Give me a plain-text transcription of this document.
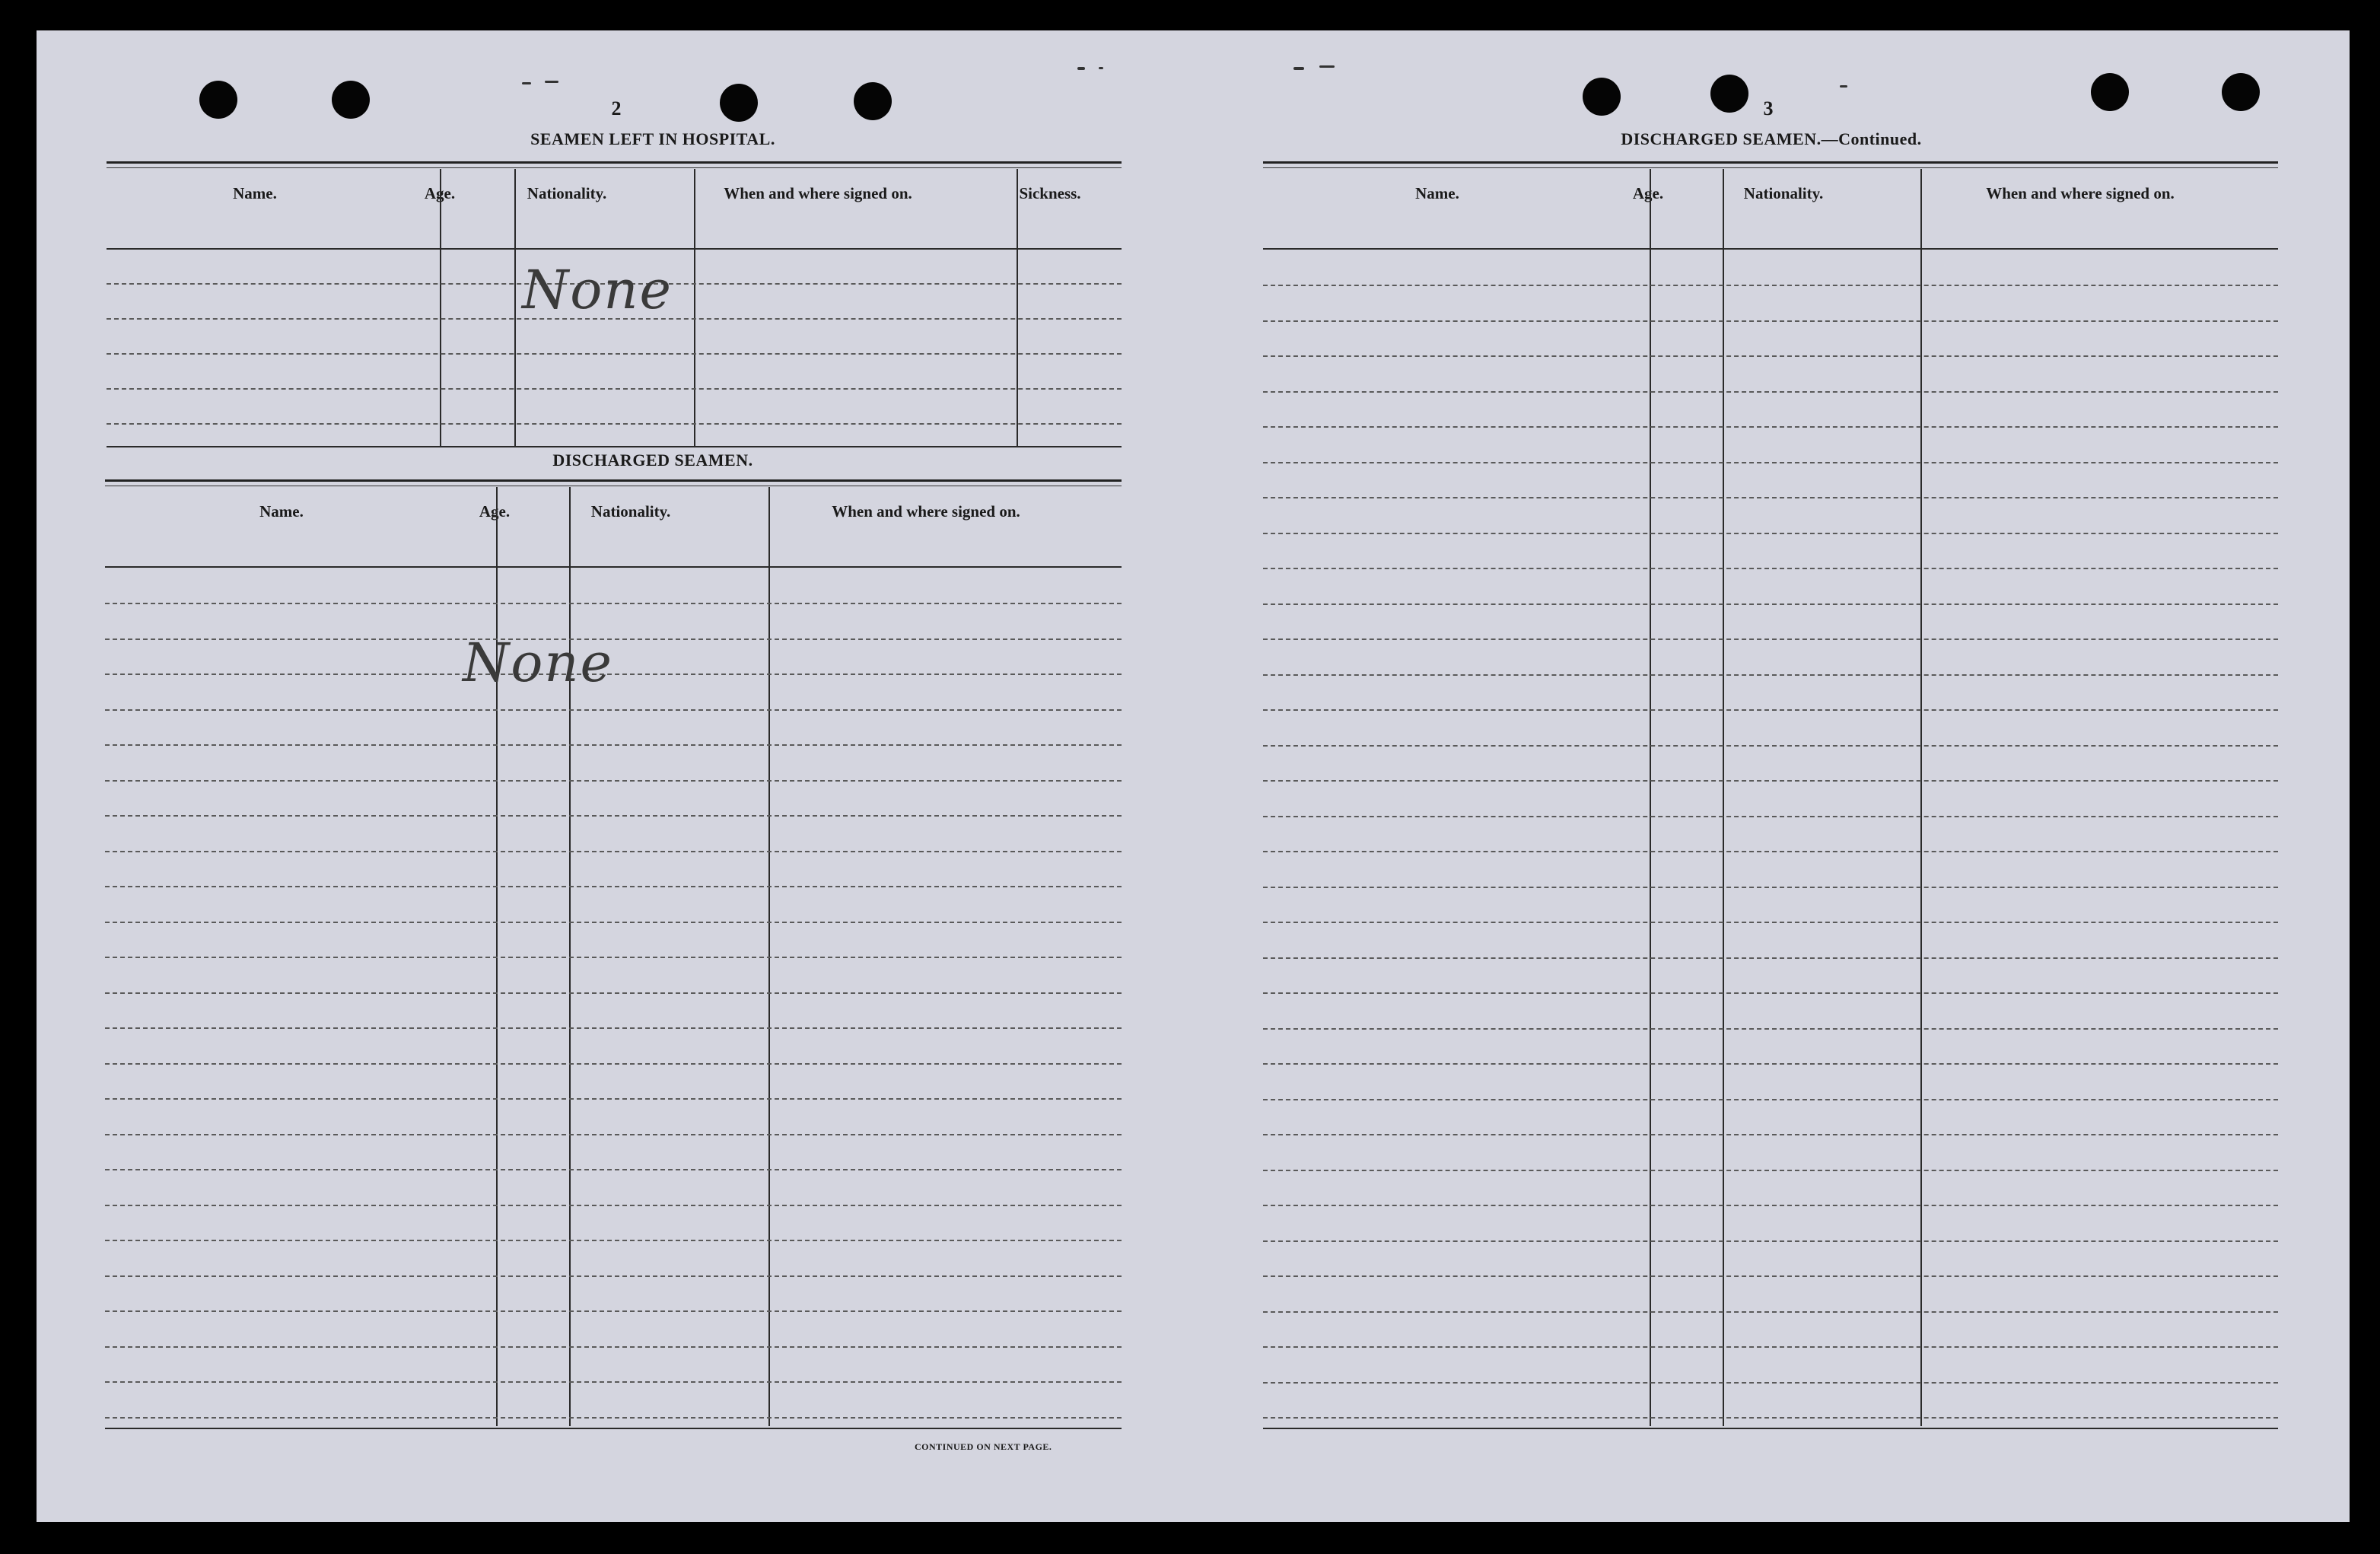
2
SEAMEN LEFT IN HOSPITAL.
Name.	Age.	Nationality.	When and where signed on.	Sickness.
None
DISCHARGED SEAMEN.
Name.	Age.	Nationality.	When and where signed on.
None
CONTINUED ON NEXT PAGE.
3
DISCHARGED SEAMEN.—Continued.
Name.	Age.	Nationality.	When and where signed on.
